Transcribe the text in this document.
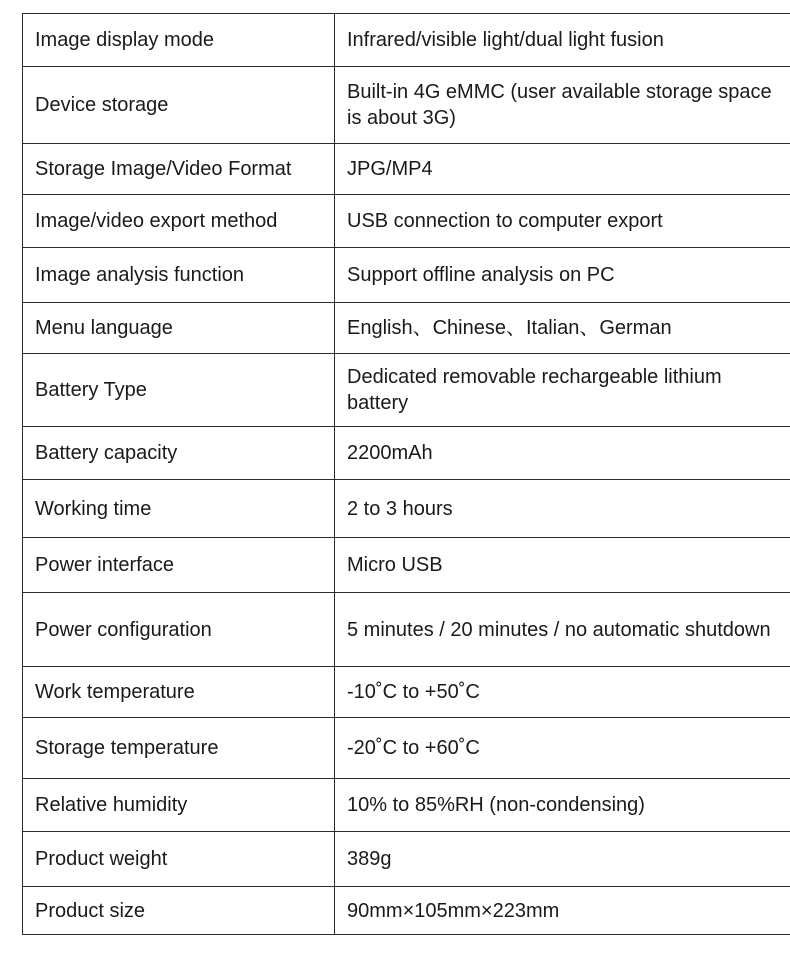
Image display mode	Infrared/visible light/dual light fusion
Device storage	Built-in 4G eMMC (user available storage space is about 3G)
Storage Image/Video Format	JPG/MP4
Image/video export method	USB connection to computer export
Image analysis function	Support offline analysis on PC
Menu language	English、Chinese、Italian、German
Battery Type	Dedicated removable rechargeable lithium battery
Battery capacity	2200mAh
Working time	2 to 3 hours
Power interface	Micro USB
Power configuration	5 minutes / 20 minutes / no automatic shutdown
Work temperature	-10˚C to +50˚C
Storage temperature	-20˚C to +60˚C
Relative humidity	10% to 85%RH (non-condensing)
Product weight	389g
Product size	90mm×105mm×223mm
